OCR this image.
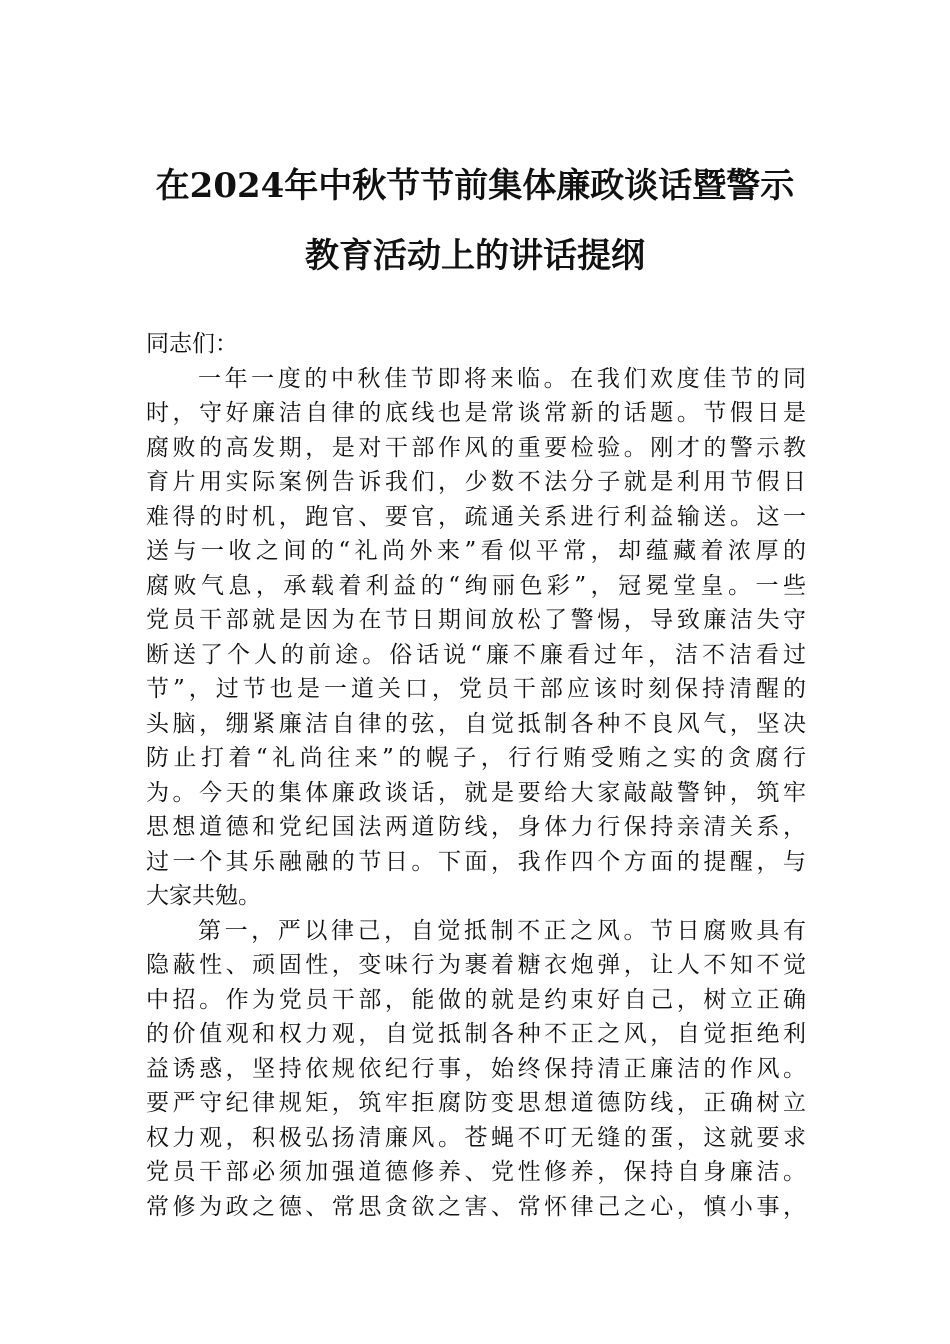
在2024年中秋节节前集体廉政谈话暨警示
教育活动上的讲话提纲
同志们：
一年一度的中秋佳节即将来临。在我们欢度佳节的同
时，守好廉洁自律的底线也是常谈常新的话题。节假日是
腐败的高发期，是对干部作风的重要检验。刚才的警示教
育片用实际案例告诉我们，少数不法分子就是利用节假日
难得的时机，跑官、要官，疏通关系进行利益输送。这一
送与一收之间的“礼尚外来”看似平常，却蕴藏着浓厚的
腐败气息，承载着利益的“绚丽色彩”，冠冕堂皇。一些
党员干部就是因为在节日期间放松了警惕，导致廉洁失守
断送了个人的前途。俗话说“廉不廉看过年，洁不洁看过
节”，过节也是一道关口，党员干部应该时刻保持清醒的
头脑，绷紧廉洁自律的弦，自觉抵制各种不良风气，坚决
防止打着“礼尚往来”的幌子，行行贿受贿之实的贪腐行
为。今天的集体廉政谈话，就是要给大家敲敲警钟，筑牢
思想道德和党纪国法两道防线，身体力行保持亲清关系，
过一个其乐融融的节日。下面，我作四个方面的提醒，与
大家共勉。
第一，严以律己，自觉抵制不正之风。节日腐败具有
隐蔽性、顽固性，变味行为裹着糖衣炮弹，让人不知不觉
中招。作为党员干部，能做的就是约束好自己，树立正确
的价值观和权力观，自觉抵制各种不正之风，自觉拒绝利
益诱惑，坚持依规依纪行事，始终保持清正廉洁的作风。
要严守纪律规矩，筑牢拒腐防变思想道德防线，正确树立
权力观，积极弘扬清廉风。苍蝇不叮无缝的蛋，这就要求
党员干部必须加强道德修养、党性修养，保持自身廉洁。
常修为政之德、常思贪欲之害、常怀律己之心，慎小事，
